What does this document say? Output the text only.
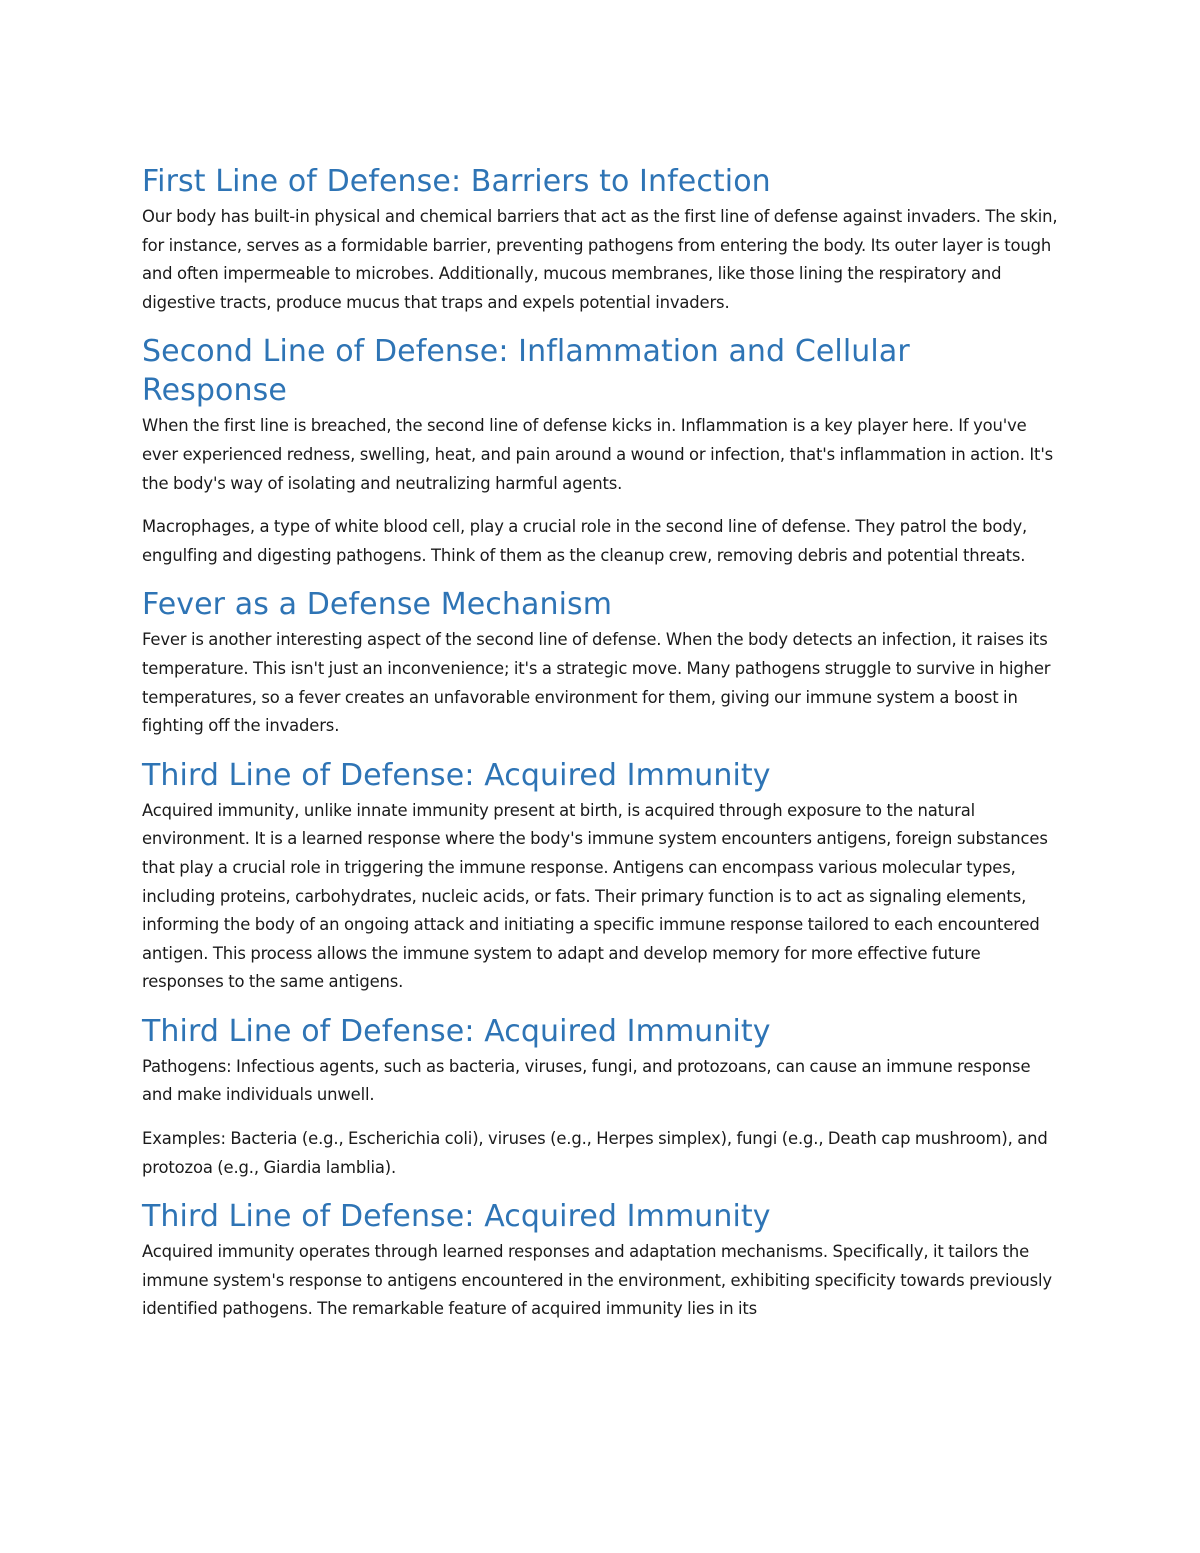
First Line of Defense: Barriers to Infection

Our body has built-in physical and chemical barriers that act as the first line of defense against invaders. The skin, for instance, serves as a formidable barrier, preventing pathogens from entering the body. Its outer layer is tough and often impermeable to microbes. Additionally, mucous membranes, like those lining the respiratory and digestive tracts, produce mucus that traps and expels potential invaders.

Second Line of Defense: Inflammation and Cellular Response

When the first line is breached, the second line of defense kicks in. Inflammation is a key player here. If you've ever experienced redness, swelling, heat, and pain around a wound or infection, that's inflammation in action. It's the body's way of isolating and neutralizing harmful agents.

Macrophages, a type of white blood cell, play a crucial role in the second line of defense. They patrol the body, engulfing and digesting pathogens. Think of them as the cleanup crew, removing debris and potential threats.

Fever as a Defense Mechanism

Fever is another interesting aspect of the second line of defense. When the body detects an infection, it raises its temperature. This isn't just an inconvenience; it's a strategic move. Many pathogens struggle to survive in higher temperatures, so a fever creates an unfavorable environment for them, giving our immune system a boost in fighting off the invaders.

Third Line of Defense: Acquired Immunity

Acquired immunity, unlike innate immunity present at birth, is acquired through exposure to the natural environment. It is a learned response where the body's immune system encounters antigens, foreign substances that play a crucial role in triggering the immune response. Antigens can encompass various molecular types, including proteins, carbohydrates, nucleic acids, or fats. Their primary function is to act as signaling elements, informing the body of an ongoing attack and initiating a specific immune response tailored to each encountered antigen. This process allows the immune system to adapt and develop memory for more effective future responses to the same antigens.

Third Line of Defense: Acquired Immunity

Pathogens: Infectious agents, such as bacteria, viruses, fungi, and protozoans, can cause an immune response and make individuals unwell.

Examples: Bacteria (e.g., Escherichia coli), viruses (e.g., Herpes simplex), fungi (e.g., Death cap mushroom), and protozoa (e.g., Giardia lamblia).

Third Line of Defense: Acquired Immunity

Acquired immunity operates through learned responses and adaptation mechanisms. Specifically, it tailors the immune system's response to antigens encountered in the environment, exhibiting specificity towards previously identified pathogens. The remarkable feature of acquired immunity lies in its
